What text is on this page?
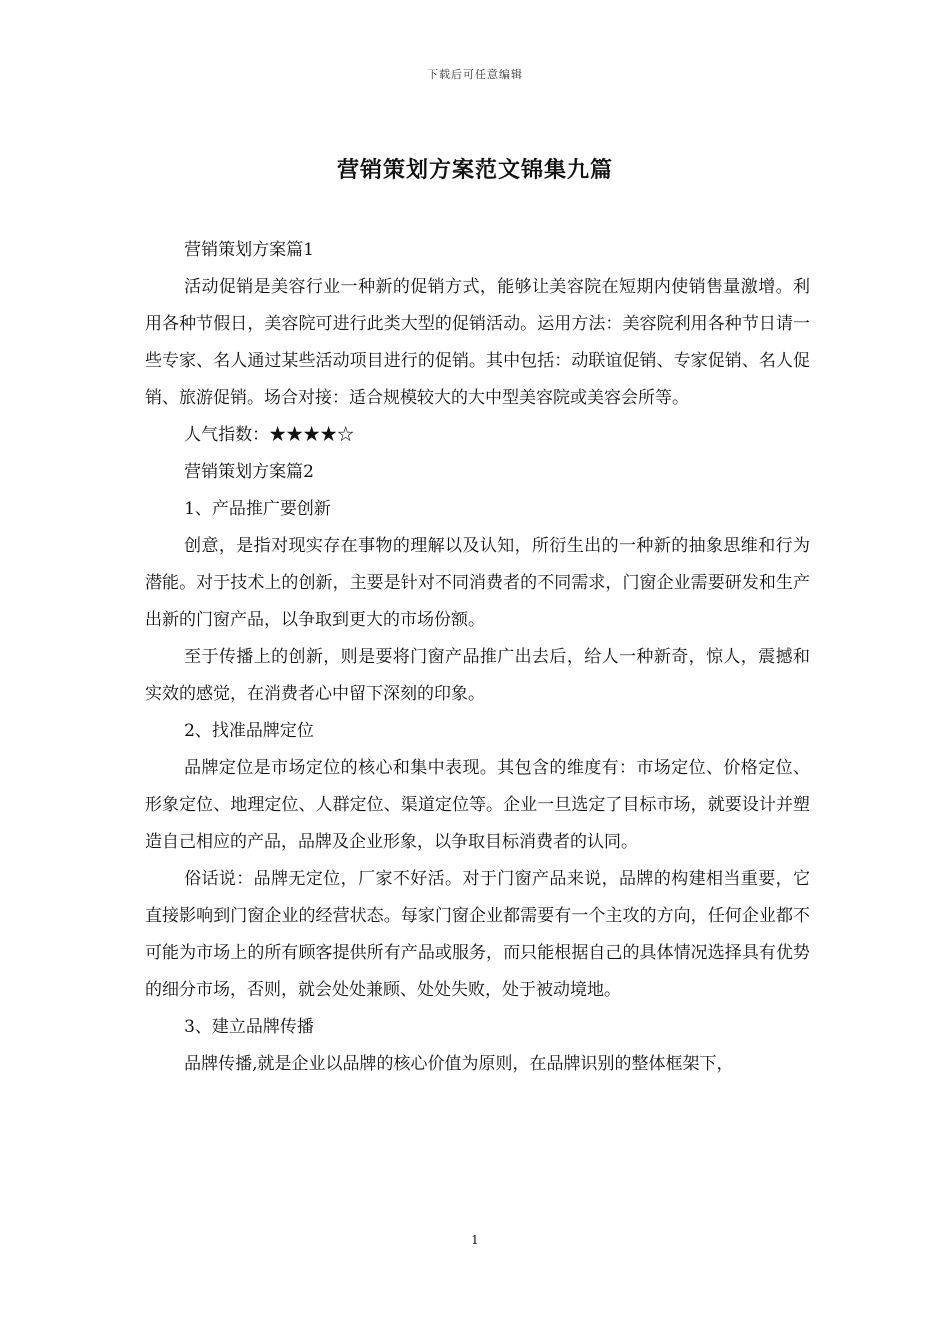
下载后可任意编辑
营销策划方案范文锦集九篇

营销策划方案篇1

活动促销是美容行业一种新的促销方式，能够让美容院在短期内使销售量激增。利用各种节假日，美容院可进行此类大型的促销活动。运用方法：美容院利用各种节日请一些专家、名人通过某些活动项目进行的促销。其中包括：动联谊促销、专家促销、名人促销、旅游促销。场合对接：适合规模较大的大中型美容院或美容会所等。

人气指数：★★★★☆

营销策划方案篇2

1、产品推广要创新

创意，是指对现实存在事物的理解以及认知，所衍生出的一种新的抽象思维和行为潜能。对于技术上的创新，主要是针对不同消费者的不同需求，门窗企业需要研发和生产出新的门窗产品，以争取到更大的市场份额。

至于传播上的创新，则是要将门窗产品推广出去后，给人一种新奇，惊人，震撼和实效的感觉，在消费者心中留下深刻的印象。

2、找准品牌定位

品牌定位是市场定位的核心和集中表现。其包含的维度有：市场定位、价格定位、形象定位、地理定位、人群定位、渠道定位等。企业一旦选定了目标市场，就要设计并塑造自己相应的产品，品牌及企业形象，以争取目标消费者的认同。

俗话说：品牌无定位，厂家不好活。对于门窗产品来说，品牌的构建相当重要，它直接影响到门窗企业的经营状态。每家门窗企业都需要有一个主攻的方向，任何企业都不可能为市场上的所有顾客提供所有产品或服务，而只能根据自己的具体情况选择具有优势的细分市场，否则，就会处处兼顾、处处失败，处于被动境地。

3、建立品牌传播

品牌传播,就是企业以品牌的核心价值为原则，在品牌识别的整体框架下，

1
